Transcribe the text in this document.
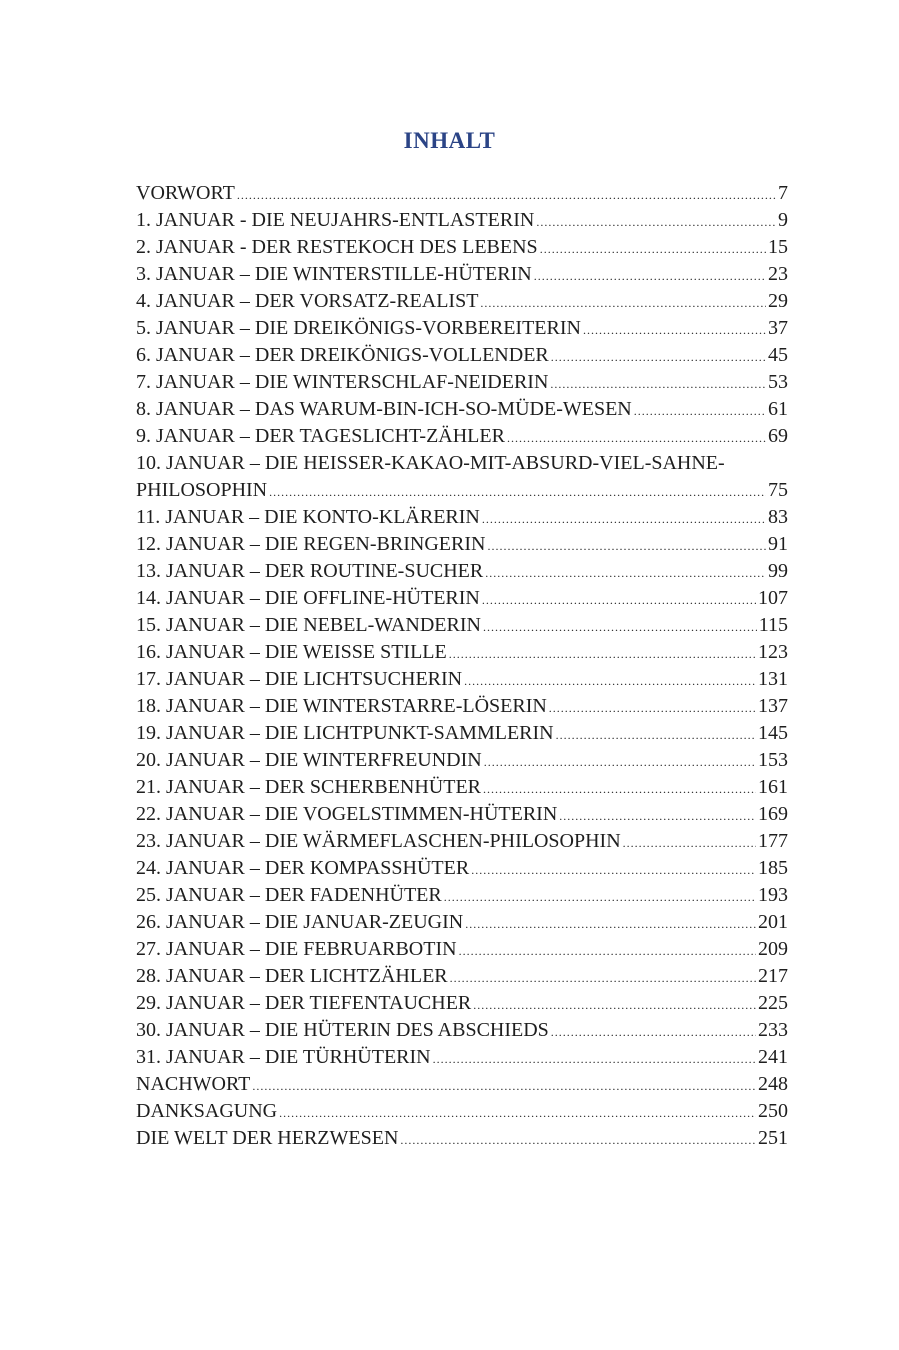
INHALT
VORWORT .....	7
1. JANUAR - DIE NEUJAHRS-ENTLASTERIN .....	9
2. JANUAR - DER RESTEKOCH DES LEBENS .....	15
3. JANUAR – DIE WINTERSTILLE-HÜTERIN .....	23
4. JANUAR – DER VORSATZ-REALIST .....	29
5. JANUAR – DIE DREIKÖNIGS-VORBEREITERIN .....	37
6. JANUAR – DER DREIKÖNIGS-VOLLENDER .....	45
7. JANUAR – DIE WINTERSCHLAF-NEIDERIN .....	53
8. JANUAR – DAS WARUM-BIN-ICH-SO-MÜDE-WESEN .....	61
9. JANUAR – DER TAGESLICHT-ZÄHLER .....	69
10. JANUAR – DIE HEISSER-KAKAO-MIT-ABSURD-VIEL-SAHNE-
PHILOSOPHIN .....	75
11. JANUAR – DIE KONTO-KLÄRERIN .....	83
12. JANUAR – DIE REGEN-BRINGERIN .....	91
13. JANUAR – DER ROUTINE-SUCHER .....	99
14. JANUAR – DIE OFFLINE-HÜTERIN .....	107
15. JANUAR – DIE NEBEL-WANDERIN .....	115
16. JANUAR – DIE WEISSE STILLE .....	123
17. JANUAR – DIE LICHTSUCHERIN .....	131
18. JANUAR – DIE WINTERSTARRE-LÖSERIN .....	137
19. JANUAR – DIE LICHTPUNKT-SAMMLERIN .....	145
20. JANUAR – DIE WINTERFREUNDIN .....	153
21. JANUAR – DER SCHERBENHÜTER .....	161
22. JANUAR – DIE VOGELSTIMMEN-HÜTERIN .....	169
23. JANUAR – DIE WÄRMEFLASCHEN-PHILOSOPHIN .....	177
24. JANUAR – DER KOMPASSHÜTER .....	185
25. JANUAR – DER FADENHÜTER .....	193
26. JANUAR – DIE JANUAR-ZEUGIN .....	201
27. JANUAR – DIE FEBRUARBOTIN .....	209
28. JANUAR – DER LICHTZÄHLER .....	217
29. JANUAR – DER TIEFENTAUCHER .....	225
30. JANUAR – DIE HÜTERIN DES ABSCHIEDS .....	233
31. JANUAR – DIE TÜRHÜTERIN .....	241
NACHWORT .....	248
DANKSAGUNG .....	250
DIE WELT DER HERZWESEN .....	251
